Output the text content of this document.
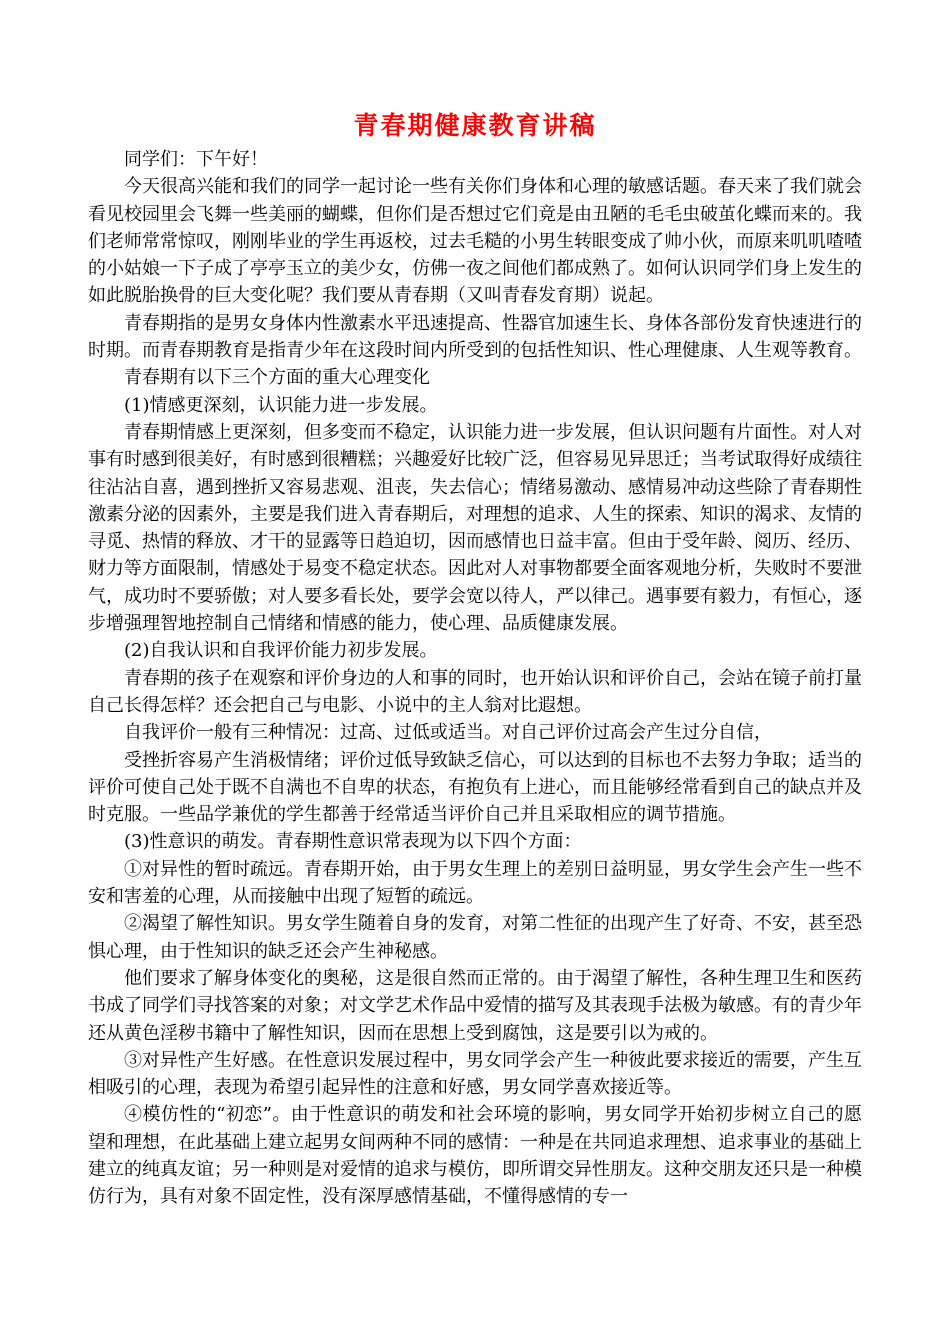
青春期健康教育讲稿

同学们：下午好！

今天很高兴能和我们的同学一起讨论一些有关你们身体和心理的敏感话题。春天来了我们就会看见校园里会飞舞一些美丽的蝴蝶，但你们是否想过它们竟是由丑陋的毛毛虫破茧化蝶而来的。我们老师常常惊叹，刚刚毕业的学生再返校，过去毛糙的小男生转眼变成了帅小伙，而原来叽叽喳喳的小姑娘一下子成了亭亭玉立的美少女，仿佛一夜之间他们都成熟了。如何认识同学们身上发生的如此脱胎换骨的巨大变化呢？我们要从青春期（又叫青春发育期）说起。

青春期指的是男女身体内性激素水平迅速提高、性器官加速生长、身体各部份发育快速进行的时期。而青春期教育是指青少年在这段时间内所受到的包括性知识、性心理健康、人生观等教育。

青春期有以下三个方面的重大心理变化

(1)情感更深刻，认识能力进一步发展。

青春期情感上更深刻，但多变而不稳定，认识能力进一步发展，但认识问题有片面性。对人对事有时感到很美好，有时感到很糟糕；兴趣爱好比较广泛，但容易见异思迁；当考试取得好成绩往往沾沾自喜，遇到挫折又容易悲观、沮丧，失去信心；情绪易激动、感情易冲动这些除了青春期性激素分泌的因素外，主要是我们进入青春期后，对理想的追求、人生的探索、知识的渴求、友情的寻觅、热情的释放、才干的显露等日趋迫切，因而感情也日益丰富。但由于受年龄、阅历、经历、财力等方面限制，情感处于易变不稳定状态。因此对人对事物都要全面客观地分析，失败时不要泄气，成功时不要骄傲；对人要多看长处，要学会宽以待人，严以律己。遇事要有毅力，有恒心，逐步增强理智地控制自己情绪和情感的能力，使心理、品质健康发展。

(2)自我认识和自我评价能力初步发展。

青春期的孩子在观察和评价身边的人和事的同时，也开始认识和评价自己，会站在镜子前打量自己长得怎样？还会把自己与电影、小说中的主人翁对比遐想。

自我评价一般有三种情况：过高、过低或适当。对自己评价过高会产生过分自信，

受挫折容易产生消极情绪；评价过低导致缺乏信心，可以达到的目标也不去努力争取；适当的评价可使自己处于既不自满也不自卑的状态，有抱负有上进心，而且能够经常看到自己的缺点并及时克服。一些品学兼优的学生都善于经常适当评价自己并且采取相应的调节措施。

(3)性意识的萌发。青春期性意识常表现为以下四个方面：

①对异性的暂时疏远。青春期开始，由于男女生理上的差别日益明显，男女学生会产生一些不安和害羞的心理，从而接触中出现了短暂的疏远。

②渴望了解性知识。男女学生随着自身的发育，对第二性征的出现产生了好奇、不安，甚至恐惧心理，由于性知识的缺乏还会产生神秘感。

他们要求了解身体变化的奥秘，这是很自然而正常的。由于渴望了解性，各种生理卫生和医药书成了同学们寻找答案的对象；对文学艺术作品中爱情的描写及其表现手法极为敏感。有的青少年还从黄色淫秽书籍中了解性知识，因而在思想上受到腐蚀，这是要引以为戒的。

③对异性产生好感。在性意识发展过程中，男女同学会产生一种彼此要求接近的需要，产生互相吸引的心理，表现为希望引起异性的注意和好感，男女同学喜欢接近等。

④模仿性的“初恋”。由于性意识的萌发和社会环境的影响，男女同学开始初步树立自己的愿望和理想，在此基础上建立起男女间两种不同的感情：一种是在共同追求理想、追求事业的基础上建立的纯真友谊；另一种则是对爱情的追求与模仿，即所谓交异性朋友。这种交朋友还只是一种模仿行为，具有对象不固定性，没有深厚感情基础，不懂得感情的专一
